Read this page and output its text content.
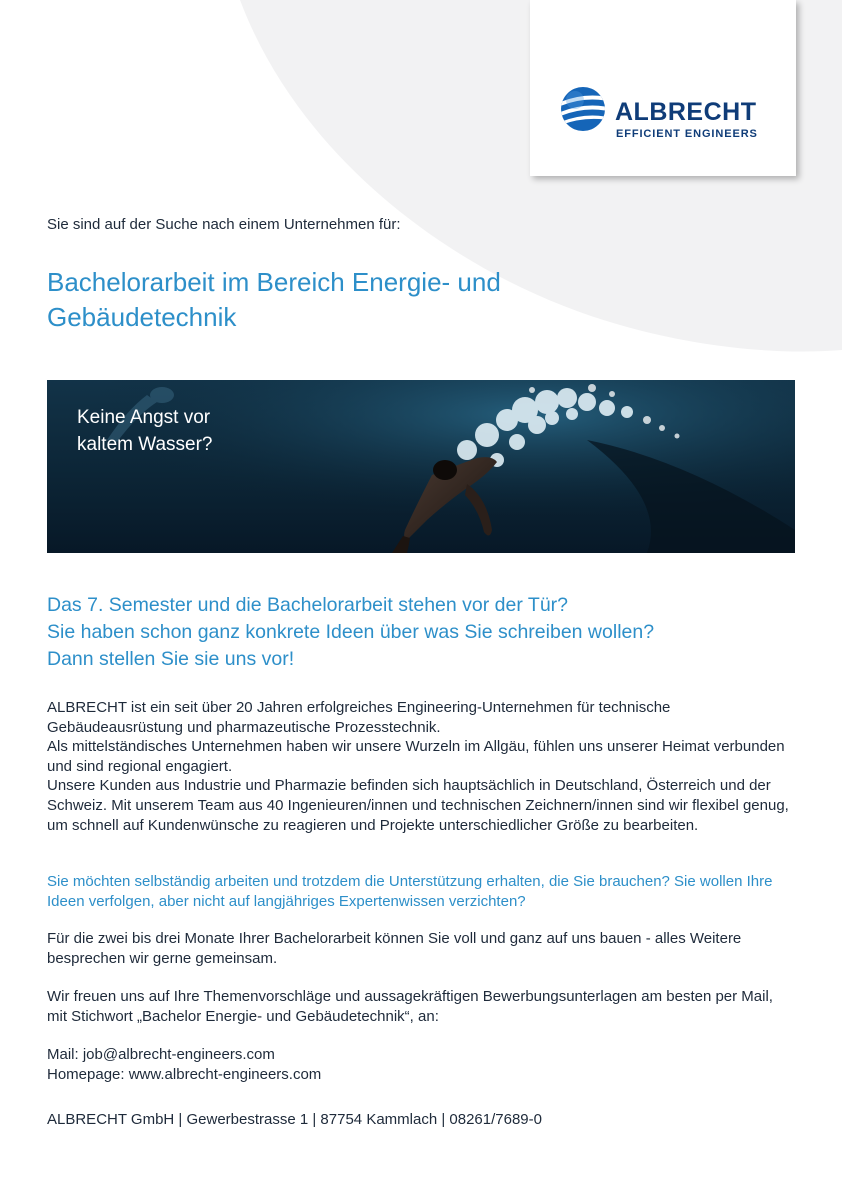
ALBRECHT
EFFICIENT ENGINEERS
Sie sind auf der Suche nach einem Unternehmen für:
Bachelorarbeit im Bereich Energie- und
Gebäudetechnik
Keine Angst vor
kaltem Wasser?
Das 7. Semester und die Bachelorarbeit stehen vor der Tür?
Sie haben schon ganz konkrete Ideen über was Sie schreiben wollen?
Dann stellen Sie sie uns vor!
ALBRECHT ist ein seit über 20 Jahren erfolgreiches Engineering-Unternehmen für technische Gebäudeausrüstung und pharmazeutische Prozesstechnik.
Als mittelständisches Unternehmen haben wir unsere Wurzeln im Allgäu, fühlen uns unserer Heimat verbunden und sind regional engagiert.
Unsere Kunden aus Industrie und Pharmazie befinden sich hauptsächlich in Deutschland, Österreich und der Schweiz. Mit unserem Team aus 40 Ingenieuren/innen und technischen Zeichnern/innen sind wir flexibel genug, um schnell auf Kundenwünsche zu reagieren und Projekte unterschiedlicher Größe zu bearbeiten.
Sie möchten selbständig arbeiten und trotzdem die Unterstützung erhalten, die Sie brauchen? Sie wollen Ihre Ideen verfolgen, aber nicht auf langjähriges Expertenwissen verzichten?
Für die zwei bis drei Monate Ihrer Bachelorarbeit können Sie voll und ganz auf uns bauen - alles Weitere besprechen wir gerne gemeinsam.
Wir freuen uns auf Ihre Themenvorschläge und aussagekräftigen Bewerbungsunterlagen am besten per Mail, mit Stichwort „Bachelor Energie- und Gebäudetechnik“, an:
Mail: job@albrecht-engineers.com
Homepage: www.albrecht-engineers.com
ALBRECHT GmbH | Gewerbestrasse 1 | 87754 Kammlach | 08261/7689-0
